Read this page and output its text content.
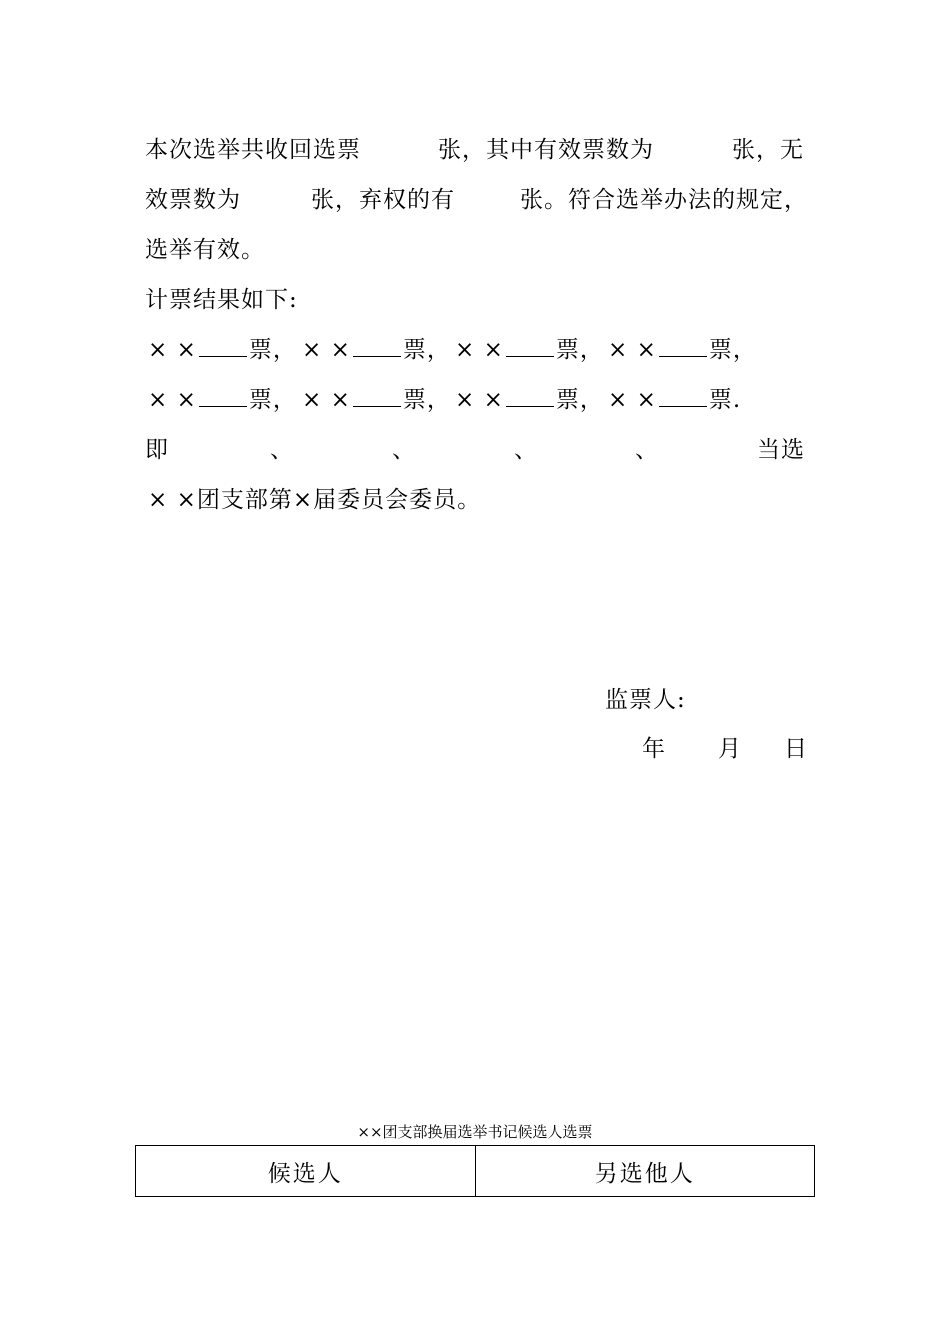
本次选举共收回选票	张，其中有效票数为	张，无
效票数为	张，弃权的有	张。符合选举办法的规定，
选举有效。
计票结果如下:
× × 票， × × 票， × × 票， × × 票，
× × 票， × × 票， × × 票， × × 票.
即	、	、	、	、	当选
× ×团支部第×届委员会委员。
监票人:
年 月 日
××团支部换届选举书记候选人选票
候选人	另选他人
